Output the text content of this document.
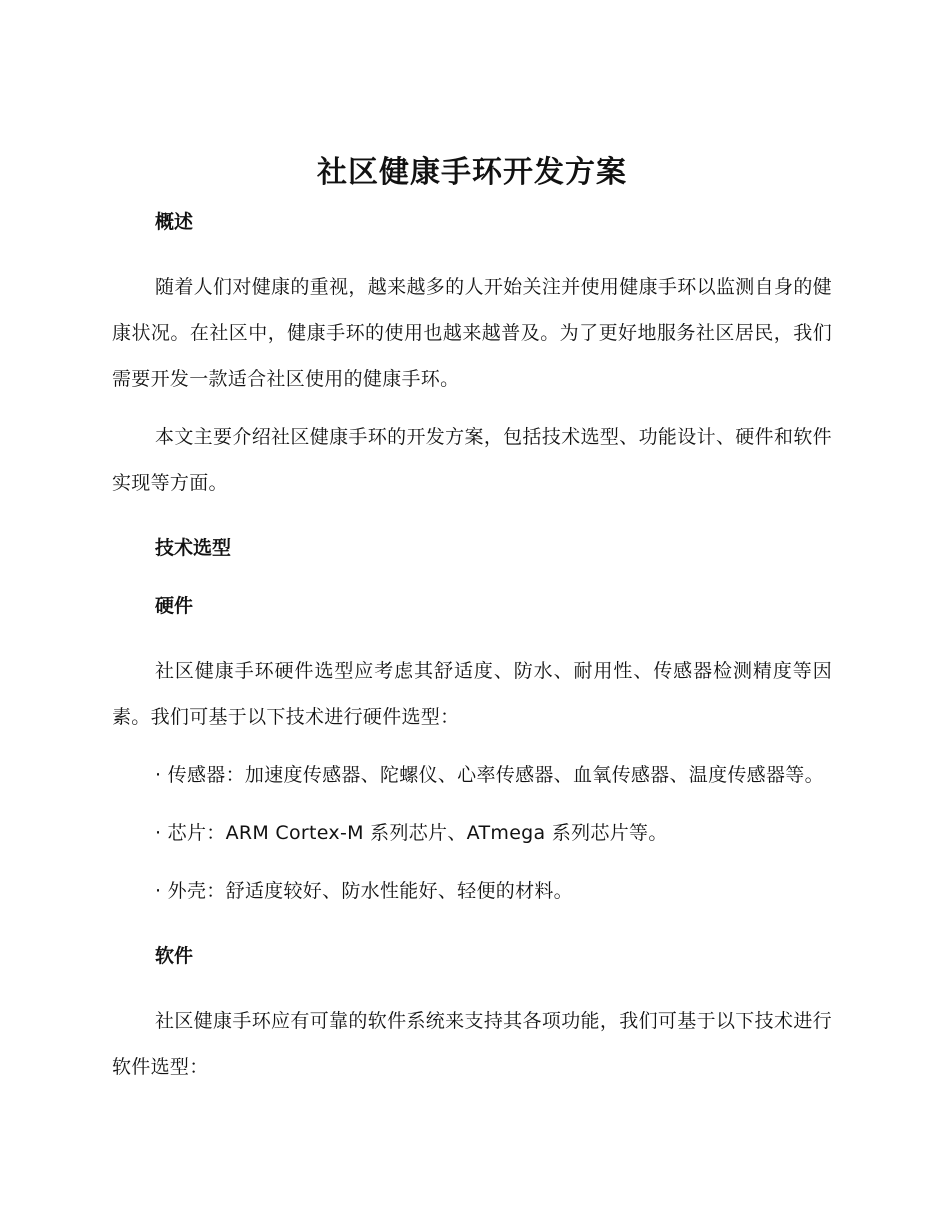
社区健康手环开发方案
概述

随着人们对健康的重视，越来越多的人开始关注并使用健康手环以监测自身的健康状况。在社区中，健康手环的使用也越来越普及。为了更好地服务社区居民，我们需要开发一款适合社区使用的健康手环。

本文主要介绍社区健康手环的开发方案，包括技术选型、功能设计、硬件和软件实现等方面。

技术选型
硬件

社区健康手环硬件选型应考虑其舒适度、防水、耐用性、传感器检测精度等因素。我们可基于以下技术进行硬件选型：

· 传感器：加速度传感器、陀螺仪、心率传感器、血氧传感器、温度传感器等。

· 芯片：ARM Cortex-M 系列芯片、ATmega 系列芯片等。

· 外壳：舒适度较好、防水性能好、轻便的材料。

软件

社区健康手环应有可靠的软件系统来支持其各项功能，我们可基于以下技术进行软件选型：
